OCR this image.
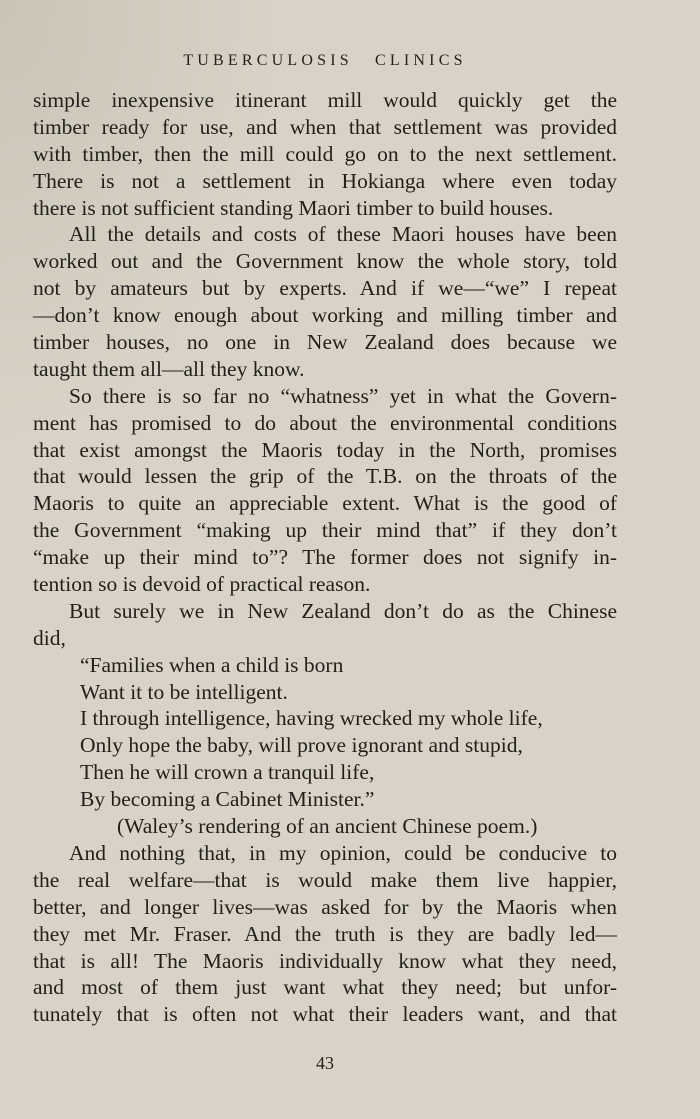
TUBERCULOSIS CLINICS
simple inexpensive itinerant mill would quickly get the
timber ready for use, and when that settlement was provided
with timber, then the mill could go on to the next settlement.
There is not a settlement in Hokianga where even today
there is not sufficient standing Maori timber to build houses.
All the details and costs of these Maori houses have been
worked out and the Government know the whole story, told
not by amateurs but by experts. And if we—“we” I repeat
—don’t know enough about working and milling timber and
timber houses, no one in New Zealand does because we
taught them all—all they know.
So there is so far no “whatness” yet in what the Govern-
ment has promised to do about the environmental conditions
that exist amongst the Maoris today in the North, promises
that would lessen the grip of the T.B. on the throats of the
Maoris to quite an appreciable extent. What is the good of
the Government “making up their mind that” if they don’t
“make up their mind to”? The former does not signify in-
tention so is devoid of practical reason.
But surely we in New Zealand don’t do as the Chinese
did,
“Families when a child is born
Want it to be intelligent.
I through intelligence, having wrecked my whole life,
Only hope the baby, will prove ignorant and stupid,
Then he will crown a tranquil life,
By becoming a Cabinet Minister.”
(Waley’s rendering of an ancient Chinese poem.)
And nothing that, in my opinion, could be conducive to
the real welfare—that is would make them live happier,
better, and longer lives—was asked for by the Maoris when
they met Mr. Fraser. And the truth is they are badly led—
that is all! The Maoris individually know what they need,
and most of them just want what they need; but unfor-
tunately that is often not what their leaders want, and that
43
